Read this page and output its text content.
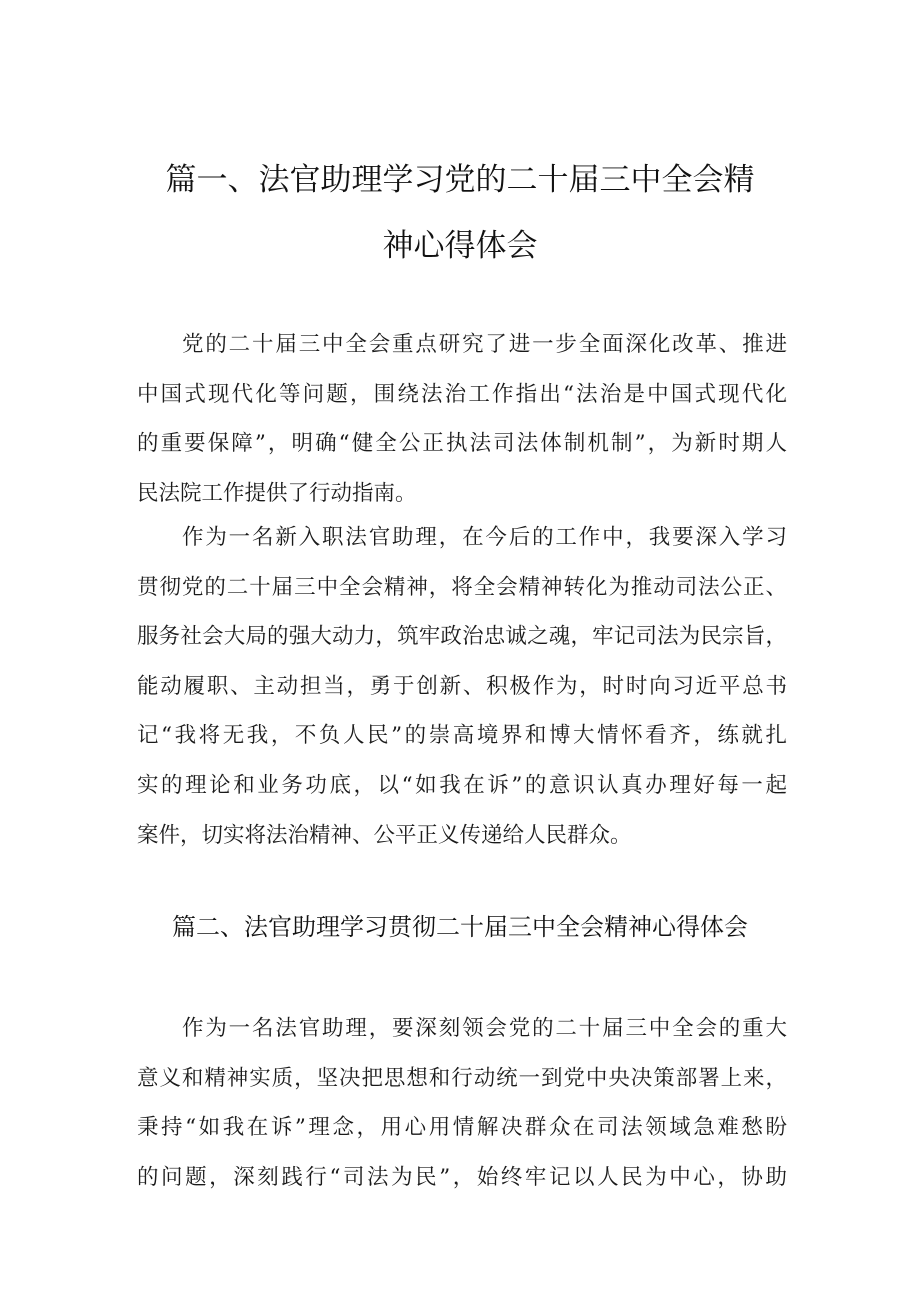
篇一、法官助理学习党的二十届三中全会精
神心得体会
党的二十届三中全会重点研究了进一步全面深化改革、推进
中国式现代化等问题，围绕法治工作指出“法治是中国式现代化
的重要保障”，明确“健全公正执法司法体制机制”，为新时期人
民法院工作提供了行动指南。
作为一名新入职法官助理，在今后的工作中，我要深入学习
贯彻党的二十届三中全会精神，将全会精神转化为推动司法公正、
服务社会大局的强大动力，筑牢政治忠诚之魂，牢记司法为民宗旨，
能动履职、主动担当，勇于创新、积极作为，时时向习近平总书
记“我将无我，不负人民”的崇高境界和博大情怀看齐，练就扎
实的理论和业务功底，以“如我在诉”的意识认真办理好每一起
案件，切实将法治精神、公平正义传递给人民群众。
篇二、法官助理学习贯彻二十届三中全会精神心得体会
作为一名法官助理，要深刻领会党的二十届三中全会的重大
意义和精神实质，坚决把思想和行动统一到党中央决策部署上来，
秉持“如我在诉”理念，用心用情解决群众在司法领域急难愁盼
的问题，深刻践行“司法为民”，始终牢记以人民为中心，协助
